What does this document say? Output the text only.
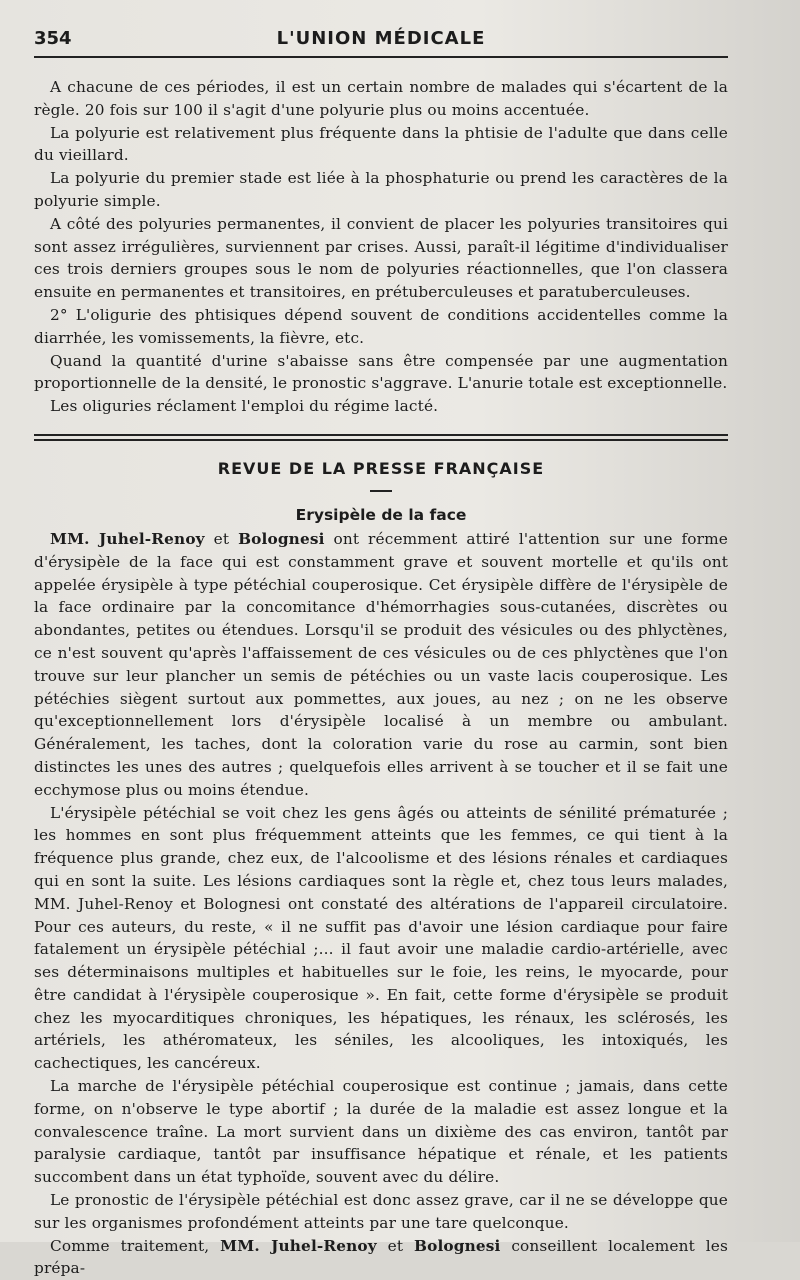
354	L'UNION MÉDICALE

A chacune de ces périodes, il est un certain nombre de malades qui s'écartent de la règle. 20 fois sur 100 il s'agit d'une polyurie plus ou moins accentuée.

La polyurie est relativement plus fréquente dans la phtisie de l'adulte que dans celle du vieillard.

La polyurie du premier stade est liée à la phosphaturie ou prend les caractères de la polyurie simple.

A côté des polyuries permanentes, il convient de placer les polyuries transitoires qui sont assez irrégulières, surviennent par crises. Aussi, paraît-il légitime d'individualiser ces trois derniers groupes sous le nom de polyuries réactionnelles, que l'on classera ensuite en permanentes et transitoires, en prétuberculeuses et paratuberculeuses.

2° L'oligurie des phtisiques dépend souvent de conditions accidentelles comme la diarrhée, les vomissements, la fièvre, etc.

Quand la quantité d'urine s'abaisse sans être compensée par une augmentation proportionnelle de la densité, le pronostic s'aggrave. L'anurie totale est exceptionnelle.

Les oliguries réclament l'emploi du régime lacté.

REVUE DE LA PRESSE FRANÇAISE

Erysipèle de la face

MM. Juhel-Renoy et Bolognesi ont récemment attiré l'attention sur une forme d'érysipèle de la face qui est constamment grave et souvent mortelle et qu'ils ont appelée érysipèle à type pétéchial couperosique. Cet érysipèle diffère de l'érysipèle de la face ordinaire par la concomitance d'hémorrhagies sous-cutanées, discrètes ou abondantes, petites ou étendues. Lorsqu'il se produit des vésicules ou des phlyctènes, ce n'est souvent qu'après l'affaissement de ces vésicules ou de ces phlyctènes que l'on trouve sur leur plancher un semis de pétéchies ou un vaste lacis couperosique. Les pétéchies siègent surtout aux pommettes, aux joues, au nez ; on ne les observe qu'exceptionnellement lors d'érysipèle localisé à un membre ou ambulant. Généralement, les taches, dont la coloration varie du rose au carmin, sont bien distinctes les unes des autres ; quelquefois elles arrivent à se toucher et il se fait une ecchymose plus ou moins étendue.

L'érysipèle pétéchial se voit chez les gens âgés ou atteints de sénilité prématurée ; les hommes en sont plus fréquemment atteints que les femmes, ce qui tient à la fréquence plus grande, chez eux, de l'alcoolisme et des lésions rénales et cardiaques qui en sont la suite. Les lésions cardiaques sont la règle et, chez tous leurs malades, MM. Juhel-Renoy et Bolognesi ont constaté des altérations de l'appareil circulatoire. Pour ces auteurs, du reste, « il ne suffit pas d'avoir une lésion cardiaque pour faire fatalement un érysipèle pétéchial ;... il faut avoir une maladie cardio-artérielle, avec ses déterminaisons multiples et habituelles sur le foie, les reins, le myocarde, pour être candidat à l'érysipèle couperosique ». En fait, cette forme d'érysipèle se produit chez les myocarditiques chroniques, les hépatiques, les rénaux, les sclérosés, les artériels, les athéromateux, les séniles, les alcooliques, les intoxiqués, les cachectiques, les cancéreux.

La marche de l'érysipèle pétéchial couperosique est continue ; jamais, dans cette forme, on n'observe le type abortif ; la durée de la maladie est assez longue et la convalescence traîne. La mort survient dans un dixième des cas environ, tantôt par paralysie cardiaque, tantôt par insuffisance hépatique et rénale, et les patients succombent dans un état typhoïde, souvent avec du délire.

Le pronostic de l'érysipèle pétéchial est donc assez grave, car il ne se développe que sur les organismes profondément atteints par une tare quelconque.

Comme traitement, MM. Juhel-Renoy et Bolognesi conseillent localement les prépa-
